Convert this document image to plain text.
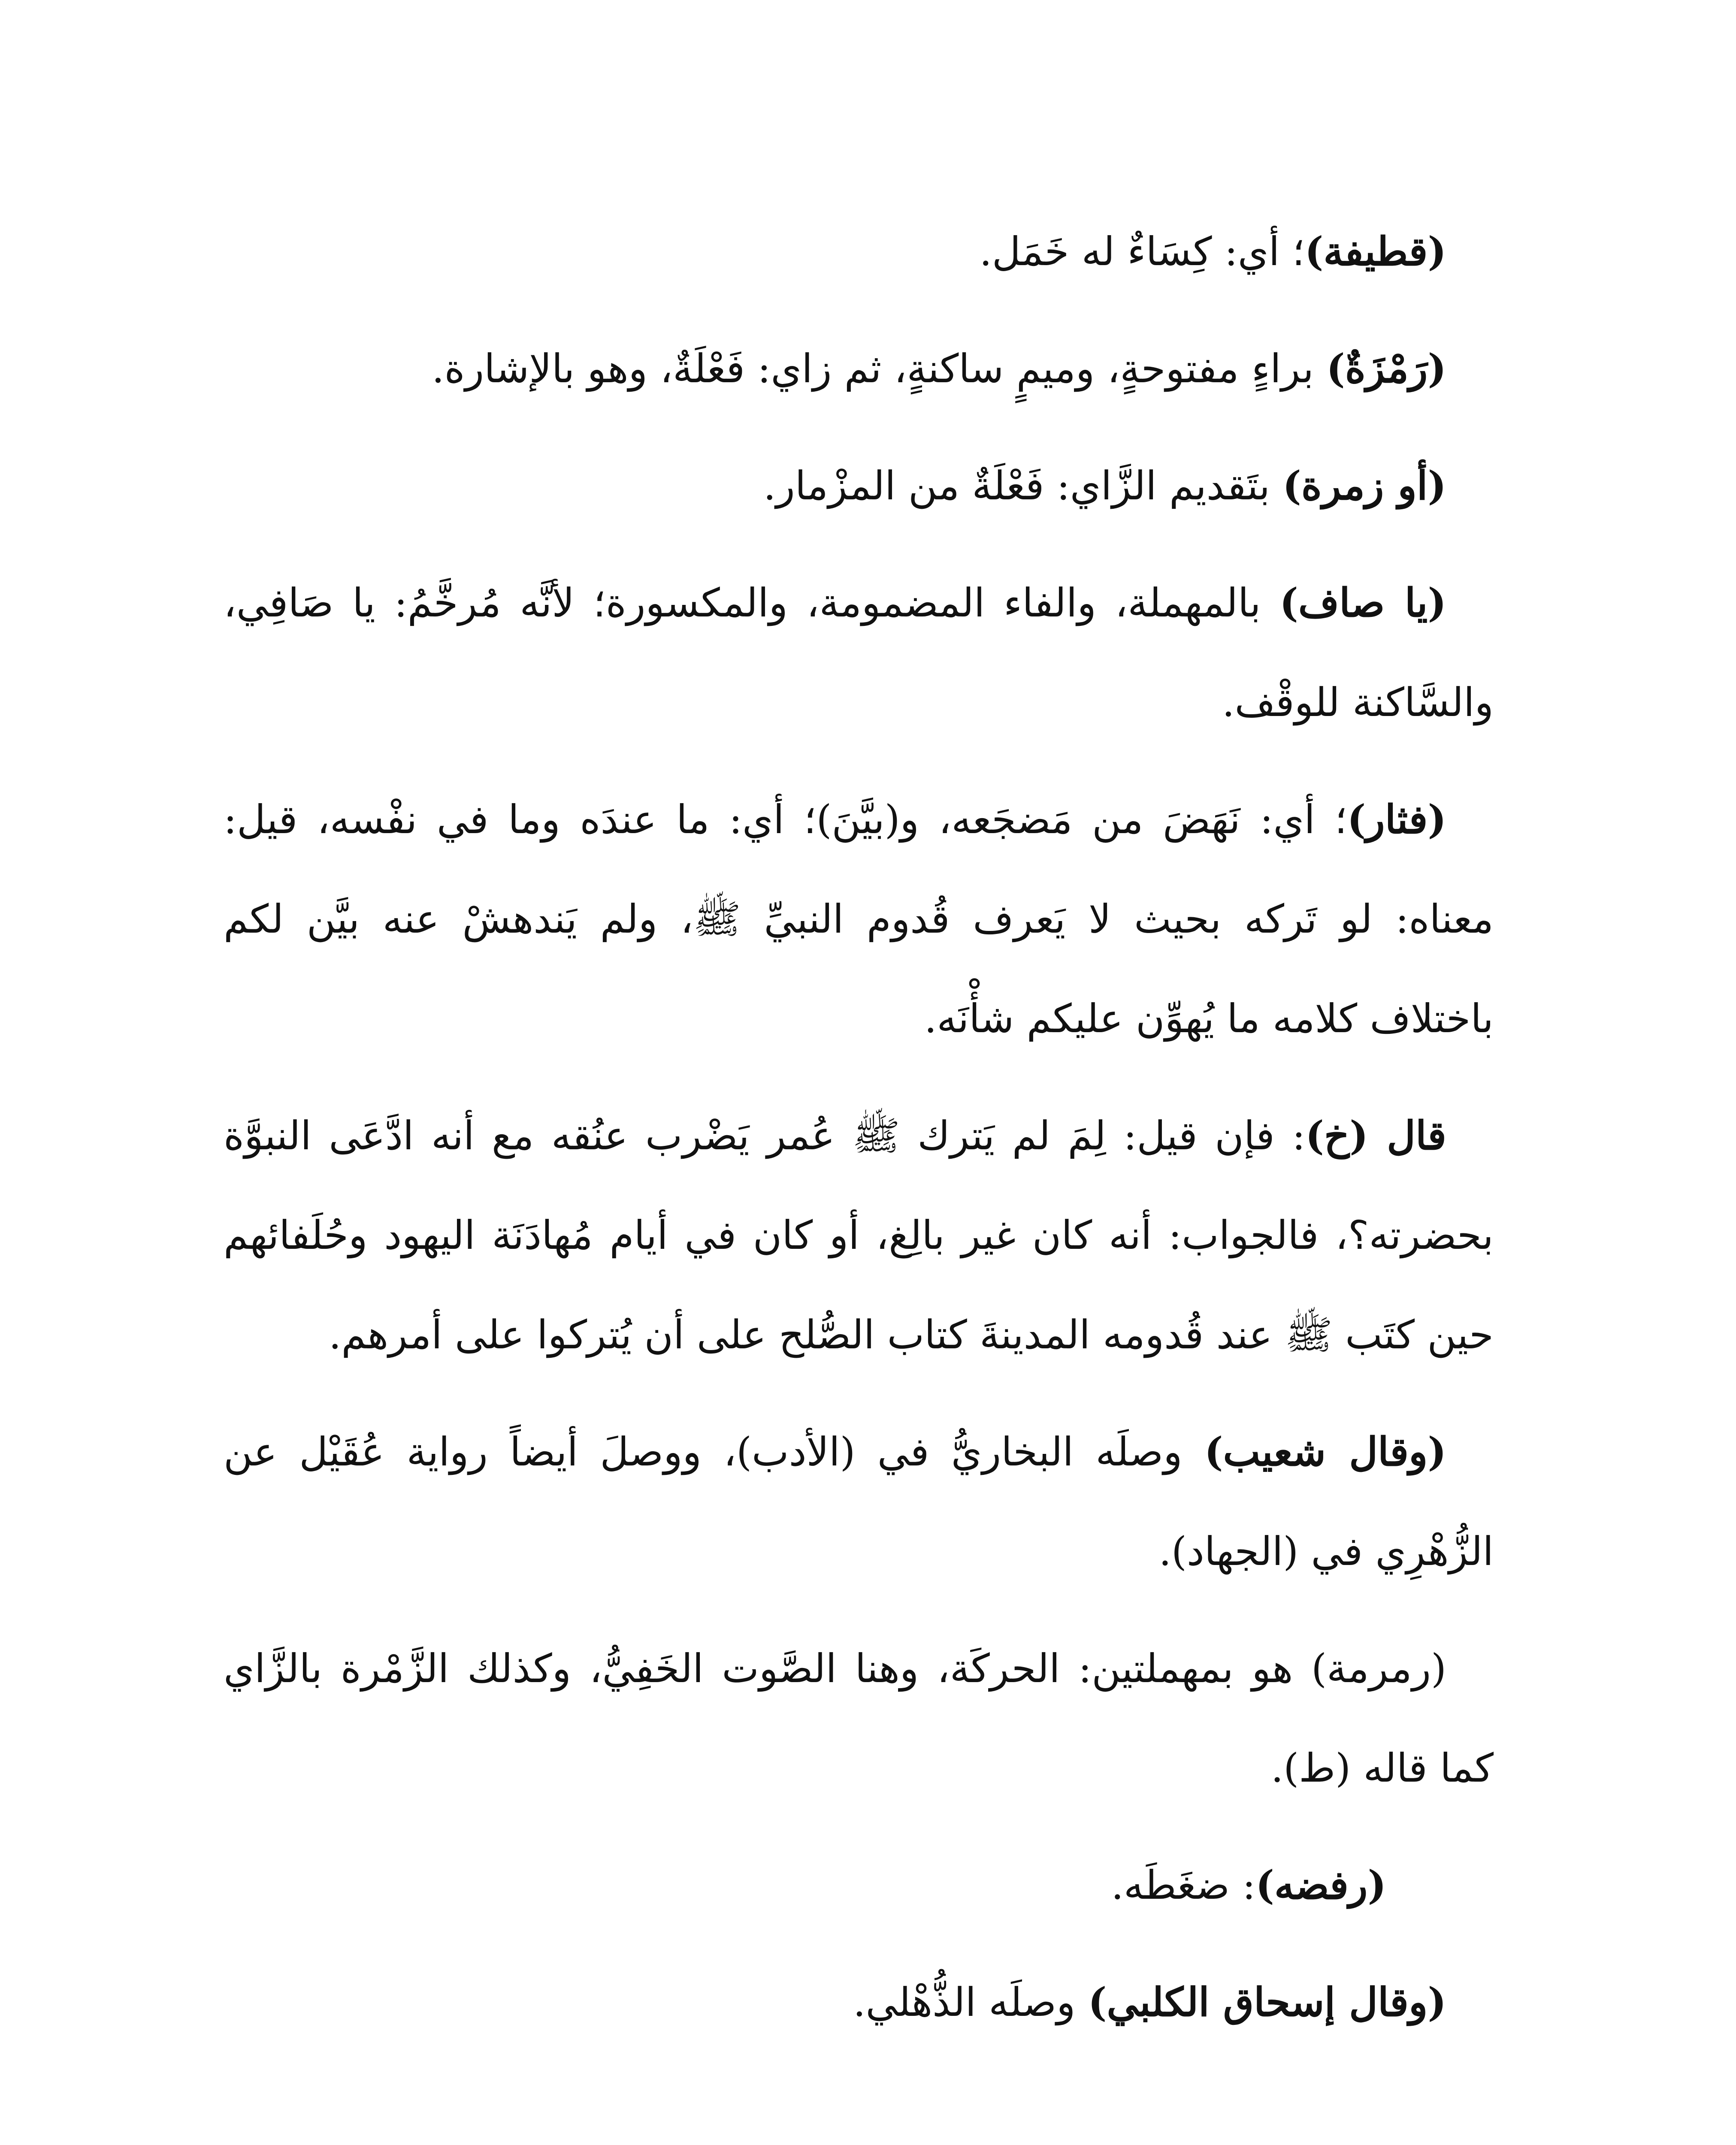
(قطيفة)؛ أي: كِسَاءٌ له خَمَل.

(رَمْزَةٌ) براءٍ مفتوحةٍ، وميمٍ ساكنةٍ، ثم زاي: فَعْلَةٌ، وهو بالإشارة.

(أو زمرة) بتَقديم الزَّاي: فَعْلَةٌ من المزْمار.

(يا صاف) بالمهملة، والفاء المضمومة، والمكسورة؛ لأنَّه مُرخَّمُ: يا صَافِي، والسَّاكنة للوقْف.

(فثار)؛ أي: نَهَضَ من مَضجَعه، و(بيَّنَ)؛ أي: ما عندَه وما في نفْسه، قيل: معناه: لو تَركه بحيث لا يَعرف قُدوم النبيِّ ﷺ، ولم يَندهشْ عنه بيَّن لكم باختلاف كلامه ما يُهوِّن عليكم شأْنَه.

قال (خ): فإن قيل: لِمَ لم يَترك ﷺ عُمر يَضْرب عنُقه مع أنه ادَّعَى النبوَّة بحضرته؟، فالجواب: أنه كان غير بالِغ، أو كان في أيام مُهادَنَة اليهود وحُلَفائهم حين كتَب ﷺ عند قُدومه المدينةَ كتاب الصُّلح على أن يُتركوا على أمرهم.

(وقال شعيب) وصلَه البخاريُّ في (الأدب)، ووصلَ أيضاً رواية عُقَيْل عن الزُّهْرِي في (الجهاد).

(رمرمة) هو بمهملتين: الحركَة، وهنا الصَّوت الخَفِيُّ، وكذلك الزَّمْرة بالزَّاي كما قاله (ط).

(رفضه): ضغَطَه.

(وقال إسحاق الكلبي) وصلَه الذُّهْلي.
